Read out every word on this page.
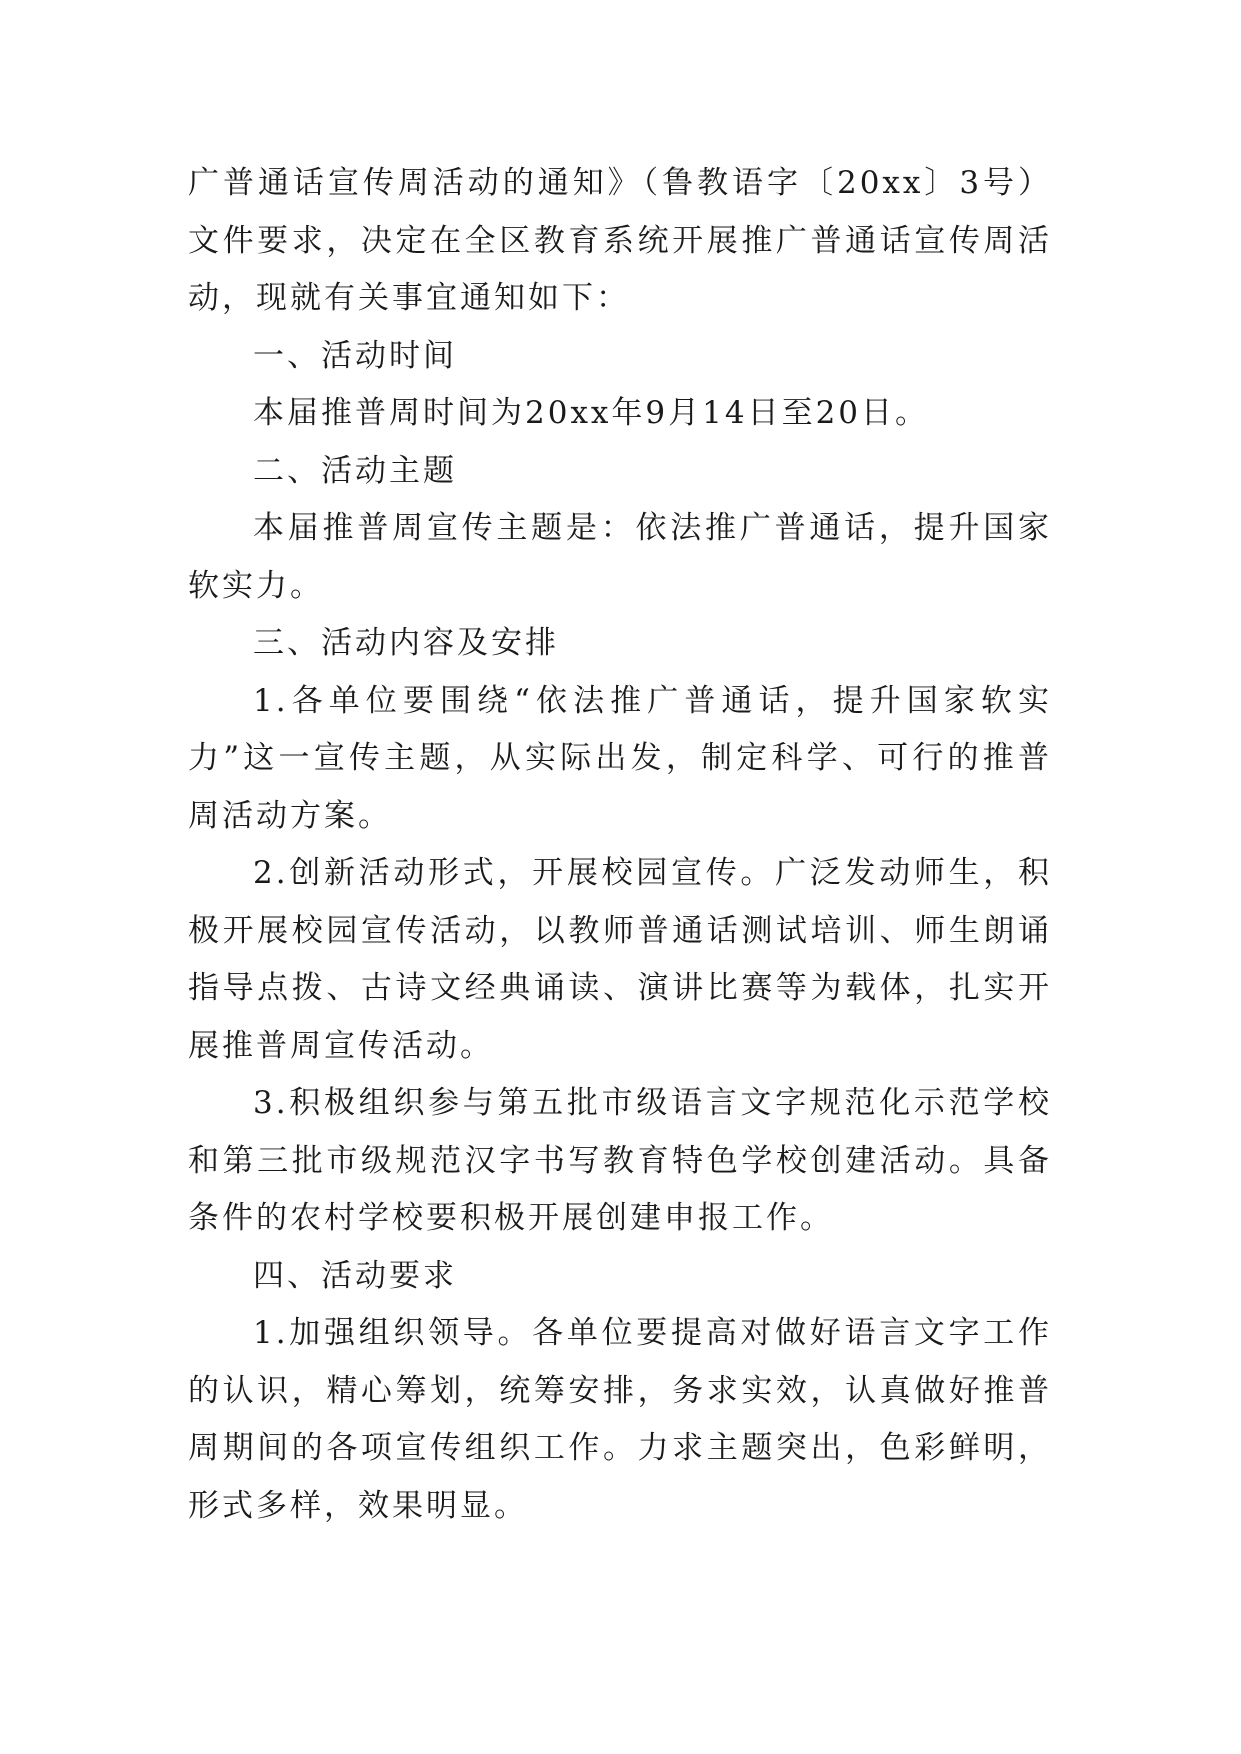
广普通话宣传周活动的通知》（鲁教语字〔20xx〕3号）文件要求，决定在全区教育系统开展推广普通话宣传周活动，现就有关事宜通知如下：

一、活动时间

本届推普周时间为20xx年9月14日至20日。

二、活动主题

本届推普周宣传主题是：依法推广普通话，提升国家软实力。

三、活动内容及安排

1.各单位要围绕“依法推广普通话，提升国家软实力”这一宣传主题，从实际出发，制定科学、可行的推普周活动方案。

2.创新活动形式，开展校园宣传。广泛发动师生，积极开展校园宣传活动，以教师普通话测试培训、师生朗诵指导点拨、古诗文经典诵读、演讲比赛等为载体，扎实开展推普周宣传活动。

3.积极组织参与第五批市级语言文字规范化示范学校和第三批市级规范汉字书写教育特色学校创建活动。具备条件的农村学校要积极开展创建申报工作。

四、活动要求

1.加强组织领导。各单位要提高对做好语言文字工作的认识，精心筹划，统筹安排，务求实效，认真做好推普周期间的各项宣传组织工作。力求主题突出，色彩鲜明，形式多样，效果明显。
